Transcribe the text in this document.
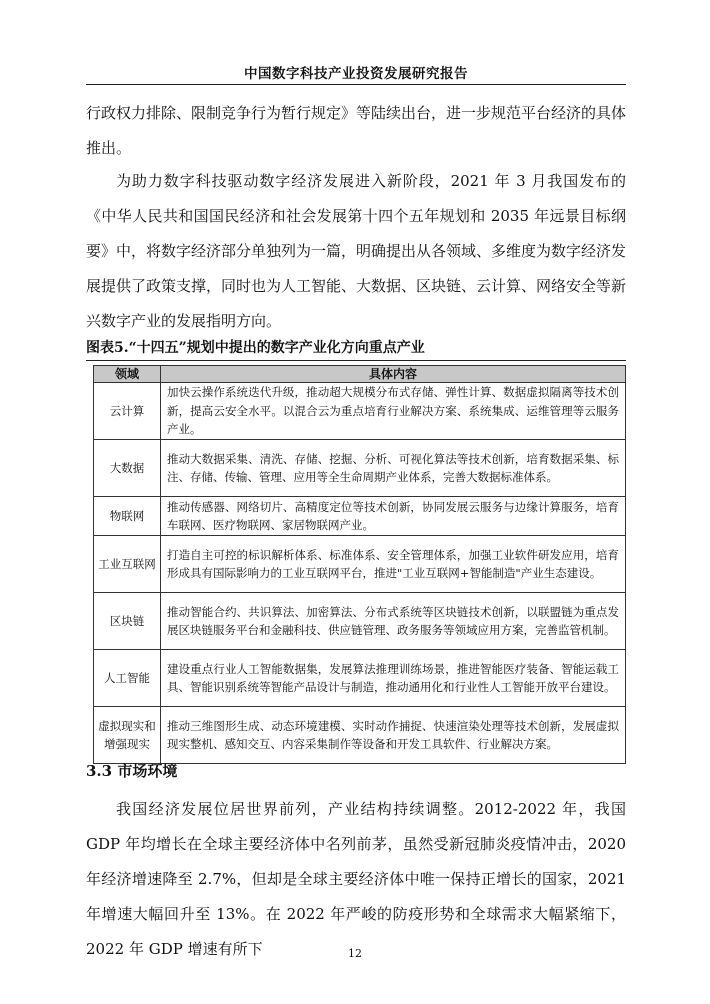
中国数字科技产业投资发展研究报告

行政权力排除、限制竞争行为暂行规定》等陆续出台，进一步规范平台经济的具体推出。

为助力数字科技驱动数字经济发展进入新阶段，2021 年 3 月我国发布的《中华人民共和国国民经济和社会发展第十四个五年规划和 2035 年远景目标纲要》中，将数字经济部分单独列为一篇，明确提出从各领域、多维度为数字经济发展提供了政策支撑，同时也为人工智能、大数据、区块链、云计算、网络安全等新兴数字产业的发展指明方向。

图表5.“十四五”规划中提出的数字产业化方向重点产业

领域	具体内容
云计算	加快云操作系统迭代升级，推动超大规模分布式存储、弹性计算、数据虚拟隔离等技术创新，提高云安全水平。以混合云为重点培育行业解决方案、系统集成、运维管理等云服务产业。
大数据	推动大数据采集、清洗、存储、挖掘、分析、可视化算法等技术创新，培育数据采集、标注、存储、传输、管理、应用等全生命周期产业体系，完善大数据标准体系。
物联网	推动传感器、网络切片、高精度定位等技术创新，协同发展云服务与边缘计算服务，培育车联网、医疗物联网、家居物联网产业。
工业互联网	打造自主可控的标识解析体系、标准体系、安全管理体系，加强工业软件研发应用，培育形成具有国际影响力的工业互联网平台，推进"工业互联网+智能制造"产业生态建设。
区块链	推动智能合约、共识算法、加密算法、分布式系统等区块链技术创新，以联盟链为重点发展区块链服务平台和金融科技、供应链管理、政务服务等领域应用方案，完善监管机制。
人工智能	建设重点行业人工智能数据集，发展算法推理训练场景，推进智能医疗装备、智能运载工具、智能识别系统等智能产品设计与制造，推动通用化和行业性人工智能开放平台建设。
虚拟现实和增强现实	推动三维图形生成、动态环境建模、实时动作捕捉、快速渲染处理等技术创新，发展虚拟现实整机、感知交互、内容采集制作等设备和开发工具软件、行业解决方案。

3.3 市场环境

我国经济发展位居世界前列，产业结构持续调整。2012-2022 年，我国 GDP 年均增长在全球主要经济体中名列前茅，虽然受新冠肺炎疫情冲击，2020 年经济增速降至 2.7%，但却是全球主要经济体中唯一保持正增长的国家，2021 年增速大幅回升至 13%。在 2022 年严峻的防疫形势和全球需求大幅紧缩下，2022 年 GDP 增速有所下	12
